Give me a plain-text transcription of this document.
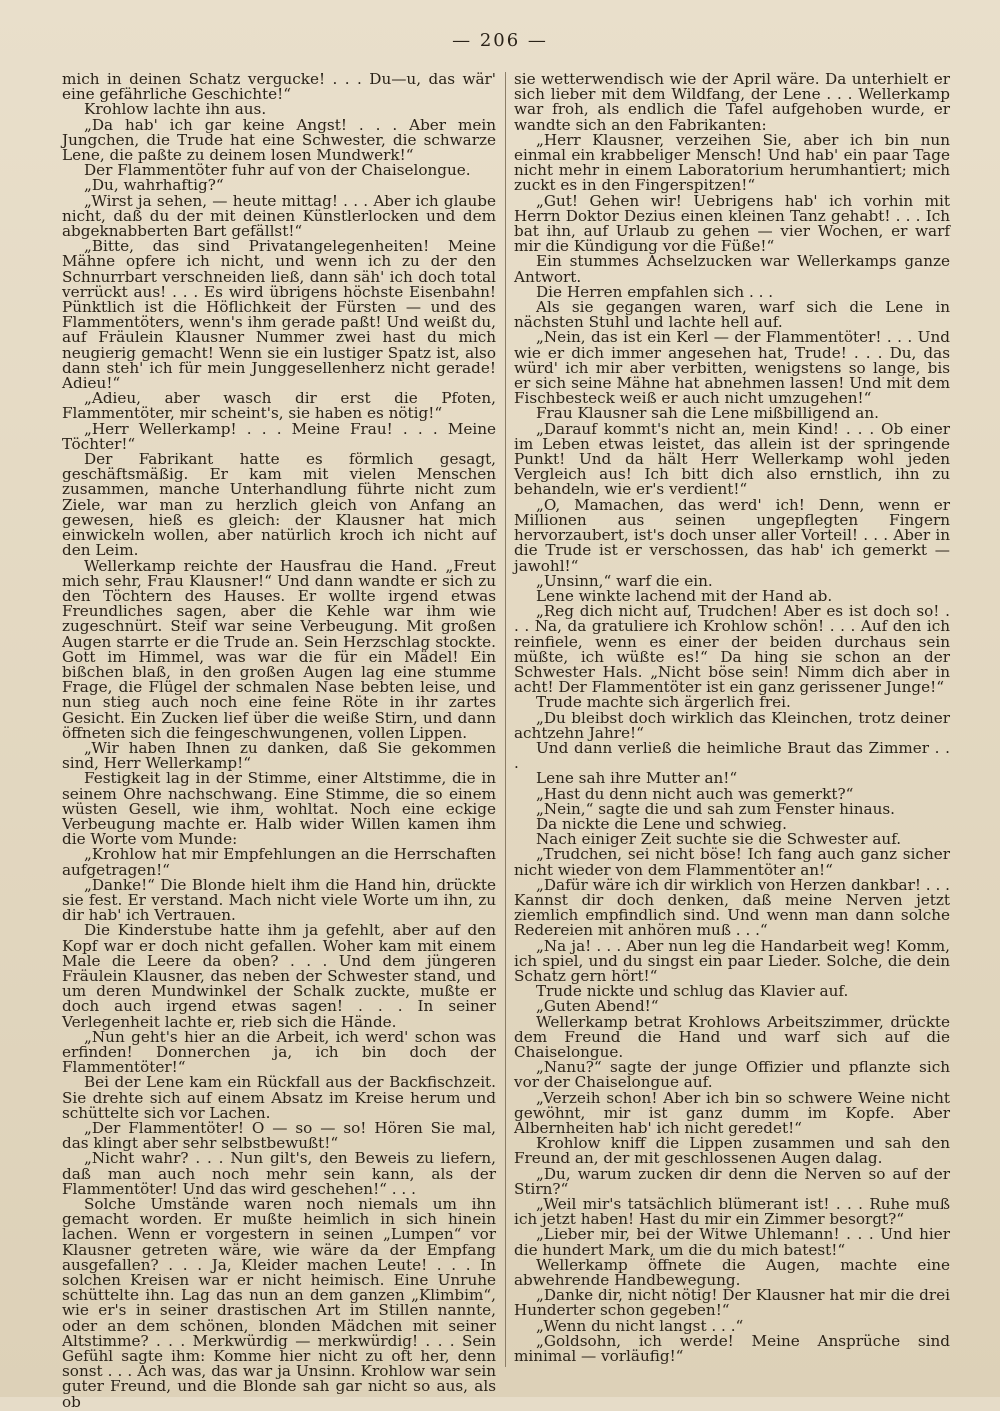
— 206 —

mich in deinen Schatz vergucke! . . . Du—u, das wär' eine gefährliche Geschichte!“

Krohlow lachte ihn aus.

„Da hab' ich gar keine Angst! . . . Aber mein Jungchen, die Trude hat eine Schwester, die schwarze Lene, die paßte zu deinem losen Mundwerk!“

Der Flammentöter fuhr auf von der Chaiselongue.

„Du, wahrhaftig?“

„Wirst ja sehen, — heute mittag! . . . Aber ich glaube nicht, daß du der mit deinen Künstlerlocken und dem abgeknabberten Bart gefällst!“

„Bitte, das sind Privatangelegenheiten! Meine Mähne opfere ich nicht, und wenn ich zu der den Schnurrbart verschneiden ließ, dann säh' ich doch total verrückt aus! . . . Es wird übrigens höchste Eisenbahn! Pünktlich ist die Höflichkeit der Fürsten — und des Flammentöters, wenn's ihm gerade paßt! Und weißt du, auf Fräulein Klausner Nummer zwei hast du mich neugierig gemacht! Wenn sie ein lustiger Spatz ist, also dann steh' ich für mein Junggesellenherz nicht gerade! Adieu!“

„Adieu, aber wasch dir erst die Pfoten, Flammentöter, mir scheint's, sie haben es nötig!“

„Herr Wellerkamp! . . . Meine Frau! . . . Meine Töchter!“

Der Fabrikant hatte es förmlich gesagt, geschäftsmäßig. Er kam mit vielen Menschen zusammen, manche Unterhandlung führte nicht zum Ziele, war man zu herzlich gleich von Anfang an gewesen, hieß es gleich: der Klausner hat mich einwickeln wollen, aber natürlich kroch ich nicht auf den Leim.

Wellerkamp reichte der Hausfrau die Hand. „Freut mich sehr, Frau Klausner!“ Und dann wandte er sich zu den Töchtern des Hauses. Er wollte irgend etwas Freundliches sagen, aber die Kehle war ihm wie zugeschnürt. Steif war seine Verbeugung. Mit großen Augen starrte er die Trude an. Sein Herzschlag stockte. Gott im Himmel, was war die für ein Mädel! Ein bißchen blaß, in den großen Augen lag eine stumme Frage, die Flügel der schmalen Nase bebten leise, und nun stieg auch noch eine feine Röte in ihr zartes Gesicht. Ein Zucken lief über die weiße Stirn, und dann öffneten sich die feingeschwungenen, vollen Lippen.

„Wir haben Ihnen zu danken, daß Sie gekommen sind, Herr Wellerkamp!“

Festigkeit lag in der Stimme, einer Altstimme, die in seinem Ohre nachschwang. Eine Stimme, die so einem wüsten Gesell, wie ihm, wohltat. Noch eine eckige Verbeugung machte er. Halb wider Willen kamen ihm die Worte vom Munde:

„Krohlow hat mir Empfehlungen an die Herrschaften aufgetragen!“

„Danke!“ Die Blonde hielt ihm die Hand hin, drückte sie fest. Er verstand. Mach nicht viele Worte um ihn, zu dir hab' ich Vertrauen.

Die Kinderstube hatte ihm ja gefehlt, aber auf den Kopf war er doch nicht gefallen. Woher kam mit einem Male die Leere da oben? . . . Und dem jüngeren Fräulein Klausner, das neben der Schwester stand, und um deren Mundwinkel der Schalk zuckte, mußte er doch auch irgend etwas sagen! . . . In seiner Verlegenheit lachte er, rieb sich die Hände.

„Nun geht's hier an die Arbeit, ich werd' schon was erfinden! Donnerchen ja, ich bin doch der Flammentöter!“

Bei der Lene kam ein Rückfall aus der Backfischzeit. Sie drehte sich auf einem Absatz im Kreise herum und schüttelte sich vor Lachen.

„Der Flammentöter! O — so — so! Hören Sie mal, das klingt aber sehr selbstbewußt!“

„Nicht wahr? . . . Nun gilt's, den Beweis zu liefern, daß man auch noch mehr sein kann, als der Flammentöter! Und das wird geschehen!“ . . .

Solche Umstände waren noch niemals um ihn gemacht worden. Er mußte heimlich in sich hinein lachen. Wenn er vorgestern in seinen „Lumpen“ vor Klausner getreten wäre, wie wäre da der Empfang ausgefallen? . . . Ja, Kleider machen Leute! . . . In solchen Kreisen war er nicht heimisch. Eine Unruhe schüttelte ihn. Lag das nun an dem ganzen „Klimbim“, wie er's in seiner drastischen Art im Stillen nannte, oder an dem schönen, blonden Mädchen mit seiner Altstimme? . . . Merkwürdig — merkwürdig! . . . Sein Gefühl sagte ihm: Komme hier nicht zu oft her, denn sonst . . . Ach was, das war ja Unsinn. Krohlow war sein guter Freund, und die Blonde sah gar nicht so aus, als ob

sie wetterwendisch wie der April wäre. Da unterhielt er sich lieber mit dem Wildfang, der Lene . . . Wellerkamp war froh, als endlich die Tafel aufgehoben wurde, er wandte sich an den Fabrikanten:

„Herr Klausner, verzeihen Sie, aber ich bin nun einmal ein krabbeliger Mensch! Und hab' ein paar Tage nicht mehr in einem Laboratorium herumhantiert; mich zuckt es in den Fingerspitzen!“

„Gut! Gehen wir! Uebrigens hab' ich vorhin mit Herrn Doktor Dezius einen kleinen Tanz gehabt! . . . Ich bat ihn, auf Urlaub zu gehen — vier Wochen, er warf mir die Kündigung vor die Füße!“

Ein stummes Achselzucken war Wellerkamps ganze Antwort.

Die Herren empfahlen sich . . .

Als sie gegangen waren, warf sich die Lene in nächsten Stuhl und lachte hell auf.

„Nein, das ist ein Kerl — der Flammentöter! . . . Und wie er dich immer angesehen hat, Trude! . . . Du, das würd' ich mir aber verbitten, wenigstens so lange, bis er sich seine Mähne hat abnehmen lassen! Und mit dem Fischbesteck weiß er auch nicht umzugehen!“

Frau Klausner sah die Lene mißbilligend an.

„Darauf kommt's nicht an, mein Kind! . . . Ob einer im Leben etwas leistet, das allein ist der springende Punkt! Und da hält Herr Wellerkamp wohl jeden Vergleich aus! Ich bitt dich also ernstlich, ihn zu behandeln, wie er's verdient!“

„O, Mamachen, das werd' ich! Denn, wenn er Millionen aus seinen ungepflegten Fingern hervorzaubert, ist's doch unser aller Vorteil! . . . Aber in die Trude ist er verschossen, das hab' ich gemerkt — jawohl!“

„Unsinn,“ warf die ein.

Lene winkte lachend mit der Hand ab.

„Reg dich nicht auf, Trudchen! Aber es ist doch so! . . . Na, da gratuliere ich Krohlow schön! . . . Auf den ich reinfiele, wenn es einer der beiden durchaus sein müßte, ich wüßte es!“ Da hing sie schon an der Schwester Hals. „Nicht böse sein! Nimm dich aber in acht! Der Flammentöter ist ein ganz gerissener Junge!“

Trude machte sich ärgerlich frei.

„Du bleibst doch wirklich das Kleinchen, trotz deiner achtzehn Jahre!“

Und dann verließ die heimliche Braut das Zimmer . . .

Lene sah ihre Mutter an!“

„Hast du denn nicht auch was gemerkt?“

„Nein,“ sagte die und sah zum Fenster hinaus.

Da nickte die Lene und schwieg.

Nach einiger Zeit suchte sie die Schwester auf.

„Trudchen, sei nicht böse! Ich fang auch ganz sicher nicht wieder von dem Flammentöter an!“

„Dafür wäre ich dir wirklich von Herzen dankbar! . . . Kannst dir doch denken, daß meine Nerven jetzt ziemlich empfindlich sind. Und wenn man dann solche Redereien mit anhören muß . . .“

„Na ja! . . . Aber nun leg die Handarbeit weg! Komm, ich spiel, und du singst ein paar Lieder. Solche, die dein Schatz gern hört!“

Trude nickte und schlug das Klavier auf.

„Guten Abend!“

Wellerkamp betrat Krohlows Arbeitszimmer, drückte dem Freund die Hand und warf sich auf die Chaiselongue.

„Nanu?“ sagte der junge Offizier und pflanzte sich vor der Chaiselongue auf.

„Verzeih schon! Aber ich bin so schwere Weine nicht gewöhnt, mir ist ganz dumm im Kopfe. Aber Albernheiten hab' ich nicht geredet!“

Krohlow kniff die Lippen zusammen und sah den Freund an, der mit geschlossenen Augen dalag.

„Du, warum zucken dir denn die Nerven so auf der Stirn?“

„Weil mir's tatsächlich blümerant ist! . . . Ruhe muß ich jetzt haben! Hast du mir ein Zimmer besorgt?“

„Lieber mir, bei der Witwe Uhlemann! . . . Und hier die hundert Mark, um die du mich batest!“

Wellerkamp öffnete die Augen, machte eine abwehrende Handbewegung.

„Danke dir, nicht nötig! Der Klausner hat mir die drei Hunderter schon gegeben!“

„Wenn du nicht langst . . .“

„Goldsohn, ich werde! Meine Ansprüche sind minimal — vorläufig!“
